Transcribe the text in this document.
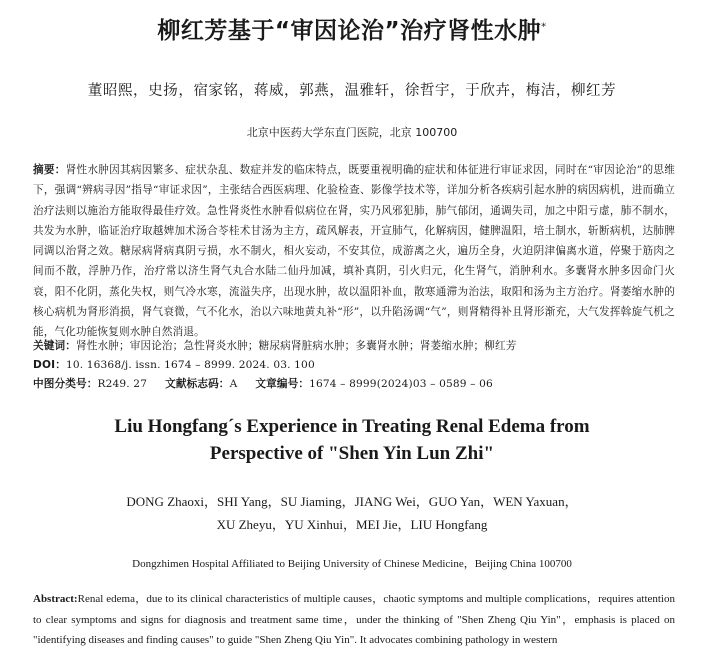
柳红芳基于“审因论治”治疗肾性水肿*
董昭熙，史扬，宿家铭，蒋威，郭燕，温雅轩，徐哲宇，于欣卉，梅洁，柳红芳
北京中医药大学东直门医院，北京 100700
摘要：肾性水肿因其病因繁多、症状杂乱、数症并发的临床特点，既要重视明确的症状和体征进行审证求因，同时在“审因论治”的思维下，强调“辨病寻因”指导“审证求因”，主张结合西医病理、化验检查、影像学技术等，详加分析各疾病引起水肿的病因病机，进而确立治疗法则以施治方能取得最佳疗效。急性肾炎性水肿看似病位在肾，实乃风邪犯肺，肺气郁闭，通调失司，加之中阳亏虚，肺不制水，共发为水肿，临证治疗取越婢加术汤合苓桂术甘汤为主方，疏风解表，开宣肺气，化解病因，健脾温阳，培土制水，斩断病机，达肺脾同调以治肾之效。糖尿病肾病真阴亏损，水不制火，相火妄动，不安其位，成游离之火，遍历全身，火迫阴津偏离水道，停聚于筋肉之间而不散，浮肿乃作，治疗常以济生肾气丸合水陆二仙丹加减，填补真阴，引火归元，化生肾气，消肿利水。多囊肾水肿多因命门火衰，阳不化阴，蒸化失权，则气冷水寒，流溢失序，出现水肿，故以温阳补血，散寒通滞为治法，取阳和汤为主方治疗。肾萎缩水肿的核心病机为肾形消损，肾气衰微，气不化水，治以六味地黄丸补“形”，以升陷汤调“气”，则肾精得补且肾形渐充，大气发挥斡旋气机之能，气化功能恢复则水肿自然消退。
关键词：肾性水肿；审因论治；急性肾炎水肿；糖尿病肾脏病水肿；多囊肾水肿；肾萎缩水肿；柳红芳
DOI：10. 16368/j. issn. 1674 – 8999. 2024. 03. 100
中图分类号：R249. 27 文献标志码：A 文章编号：1674 – 8999(2024)03 – 0589 – 06
Liu Hongfang´s Experience in Treating Renal Edema from
Perspective of "Shen Yin Lun Zhi"
DONG Zhaoxi，SHI Yang，SU Jiaming，JIANG Wei，GUO Yan，WEN Yaxuan，
XU Zheyu，YU Xinhui，MEI Jie，LIU Hongfang
Dongzhimen Hospital Affiliated to Beijing University of Chinese Medicine，Beijing China 100700
Abstract:Renal edema，due to its clinical characteristics of multiple causes，chaotic symptoms and multiple complications，requires attention to clear symptoms and signs for diagnosis and treatment same time，under the thinking of "Shen Zheng Qiu Yin"，emphasis is placed on "identifying diseases and finding causes" to guide "Shen Zheng Qiu Yin". It advocates combining pathology in western
